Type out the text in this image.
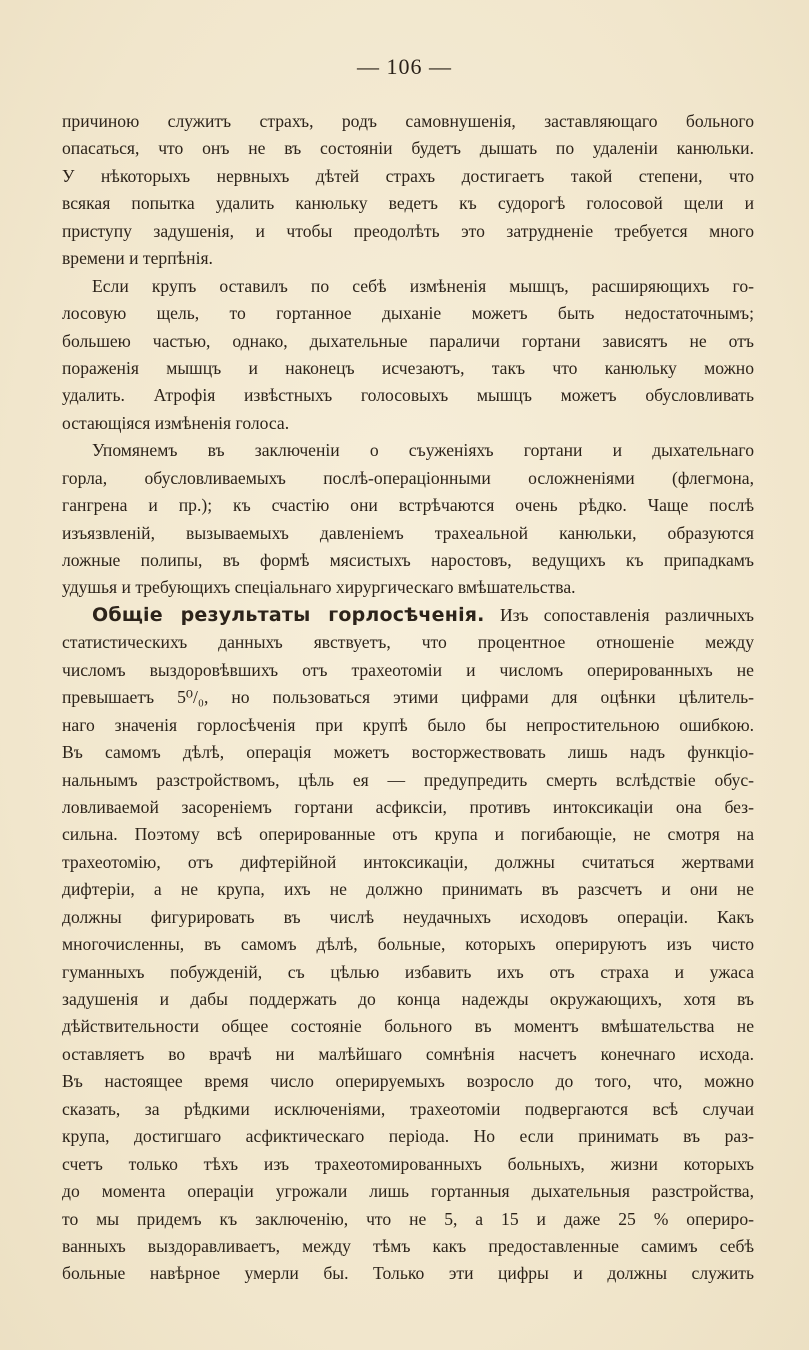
— 106 —
причиною служитъ страхъ, родъ самовнушенія, заставляющаго больного
опасаться, что онъ не въ состояніи будетъ дышать по удаленіи канюльки.
У нѣкоторыхъ нервныхъ дѣтей страхъ достигаетъ такой степени, что
всякая попытка удалить канюльку ведетъ къ судорогѣ голосовой щели и
приступу задушенія, и чтобы преодолѣть это затрудненіе требуется много
времени и терпѣнія.
Если крупъ оставилъ по себѣ измѣненія мышцъ, расширяющихъ го-
лосовую щель, то гортанное дыханіе можетъ быть недостаточнымъ;
большею частью, однако, дыхательные параличи гортани зависятъ не отъ
пораженія мышцъ и наконецъ исчезаютъ, такъ что канюльку можно
удалить. Атрофія извѣстныхъ голосовыхъ мышцъ можетъ обусловливать
остающіяся измѣненія голоса.
Упомянемъ въ заключеніи о съуженіяхъ гортани и дыхательнаго
горла, обусловливаемыхъ послѣ-операціонными осложненіями (флегмона,
гангрена и пр.); къ счастію они встрѣчаются очень рѣдко. Чаще послѣ
изъязвленій, вызываемыхъ давленіемъ трахеальной канюльки, образуются
ложные полипы, въ формѣ мясистыхъ наростовъ, ведущихъ къ припадкамъ
удушья и требующихъ спеціальнаго хирургическаго вмѣшательства.
Общіе результаты горлосѣченія. Изъ сопоставленія различныхъ
статистическихъ данныхъ явствуетъ, что процентное отношеніе между
числомъ выздоровѣвшихъ отъ трахеотоміи и числомъ оперированныхъ не
превышаетъ 5⁰/₀, но пользоваться этими цифрами для оцѣнки цѣлитель-
наго значенія горлосѣченія при крупѣ было бы непростительною ошибкою.
Въ самомъ дѣлѣ, операція можетъ восторжествовать лишь надъ функціо-
нальнымъ разстройствомъ, цѣль ея — предупредить смерть вслѣдствіе обус-
ловливаемой засореніемъ гортани асфиксіи, противъ интоксикаціи она без-
сильна. Поэтому всѣ оперированные отъ крупа и погибающіе, не смотря на
трахеотомію, отъ дифтерійной интоксикаціи, должны считаться жертвами
дифтеріи, а не крупа, ихъ не должно принимать въ разсчетъ и они не
должны фигурировать въ числѣ неудачныхъ исходовъ операціи. Какъ
многочисленны, въ самомъ дѣлѣ, больные, которыхъ оперируютъ изъ чисто
гуманныхъ побужденій, съ цѣлью избавить ихъ отъ страха и ужаса
задушенія и дабы поддержать до конца надежды окружающихъ, хотя въ
дѣйствительности общее состояніе больного въ моментъ вмѣшательства не
оставляетъ во врачѣ ни малѣйшаго сомнѣнія насчетъ конечнаго исхода.
Въ настоящее время число оперируемыхъ возросло до того, что, можно
сказать, за рѣдкими исключеніями, трахеотоміи подвергаются всѣ случаи
крупа, достигшаго асфиктическаго періода. Но если принимать въ раз-
счетъ только тѣхъ изъ трахеотомированныхъ больныхъ, жизни которыхъ
до момента операціи угрожали лишь гортанныя дыхательныя разстройства,
то мы придемъ къ заключенію, что не 5, а 15 и даже 25 % опериро-
ванныхъ выздоравливаетъ, между тѣмъ какъ предоставленные самимъ себѣ
больные навѣрное умерли бы. Только эти цифры и должны служить
